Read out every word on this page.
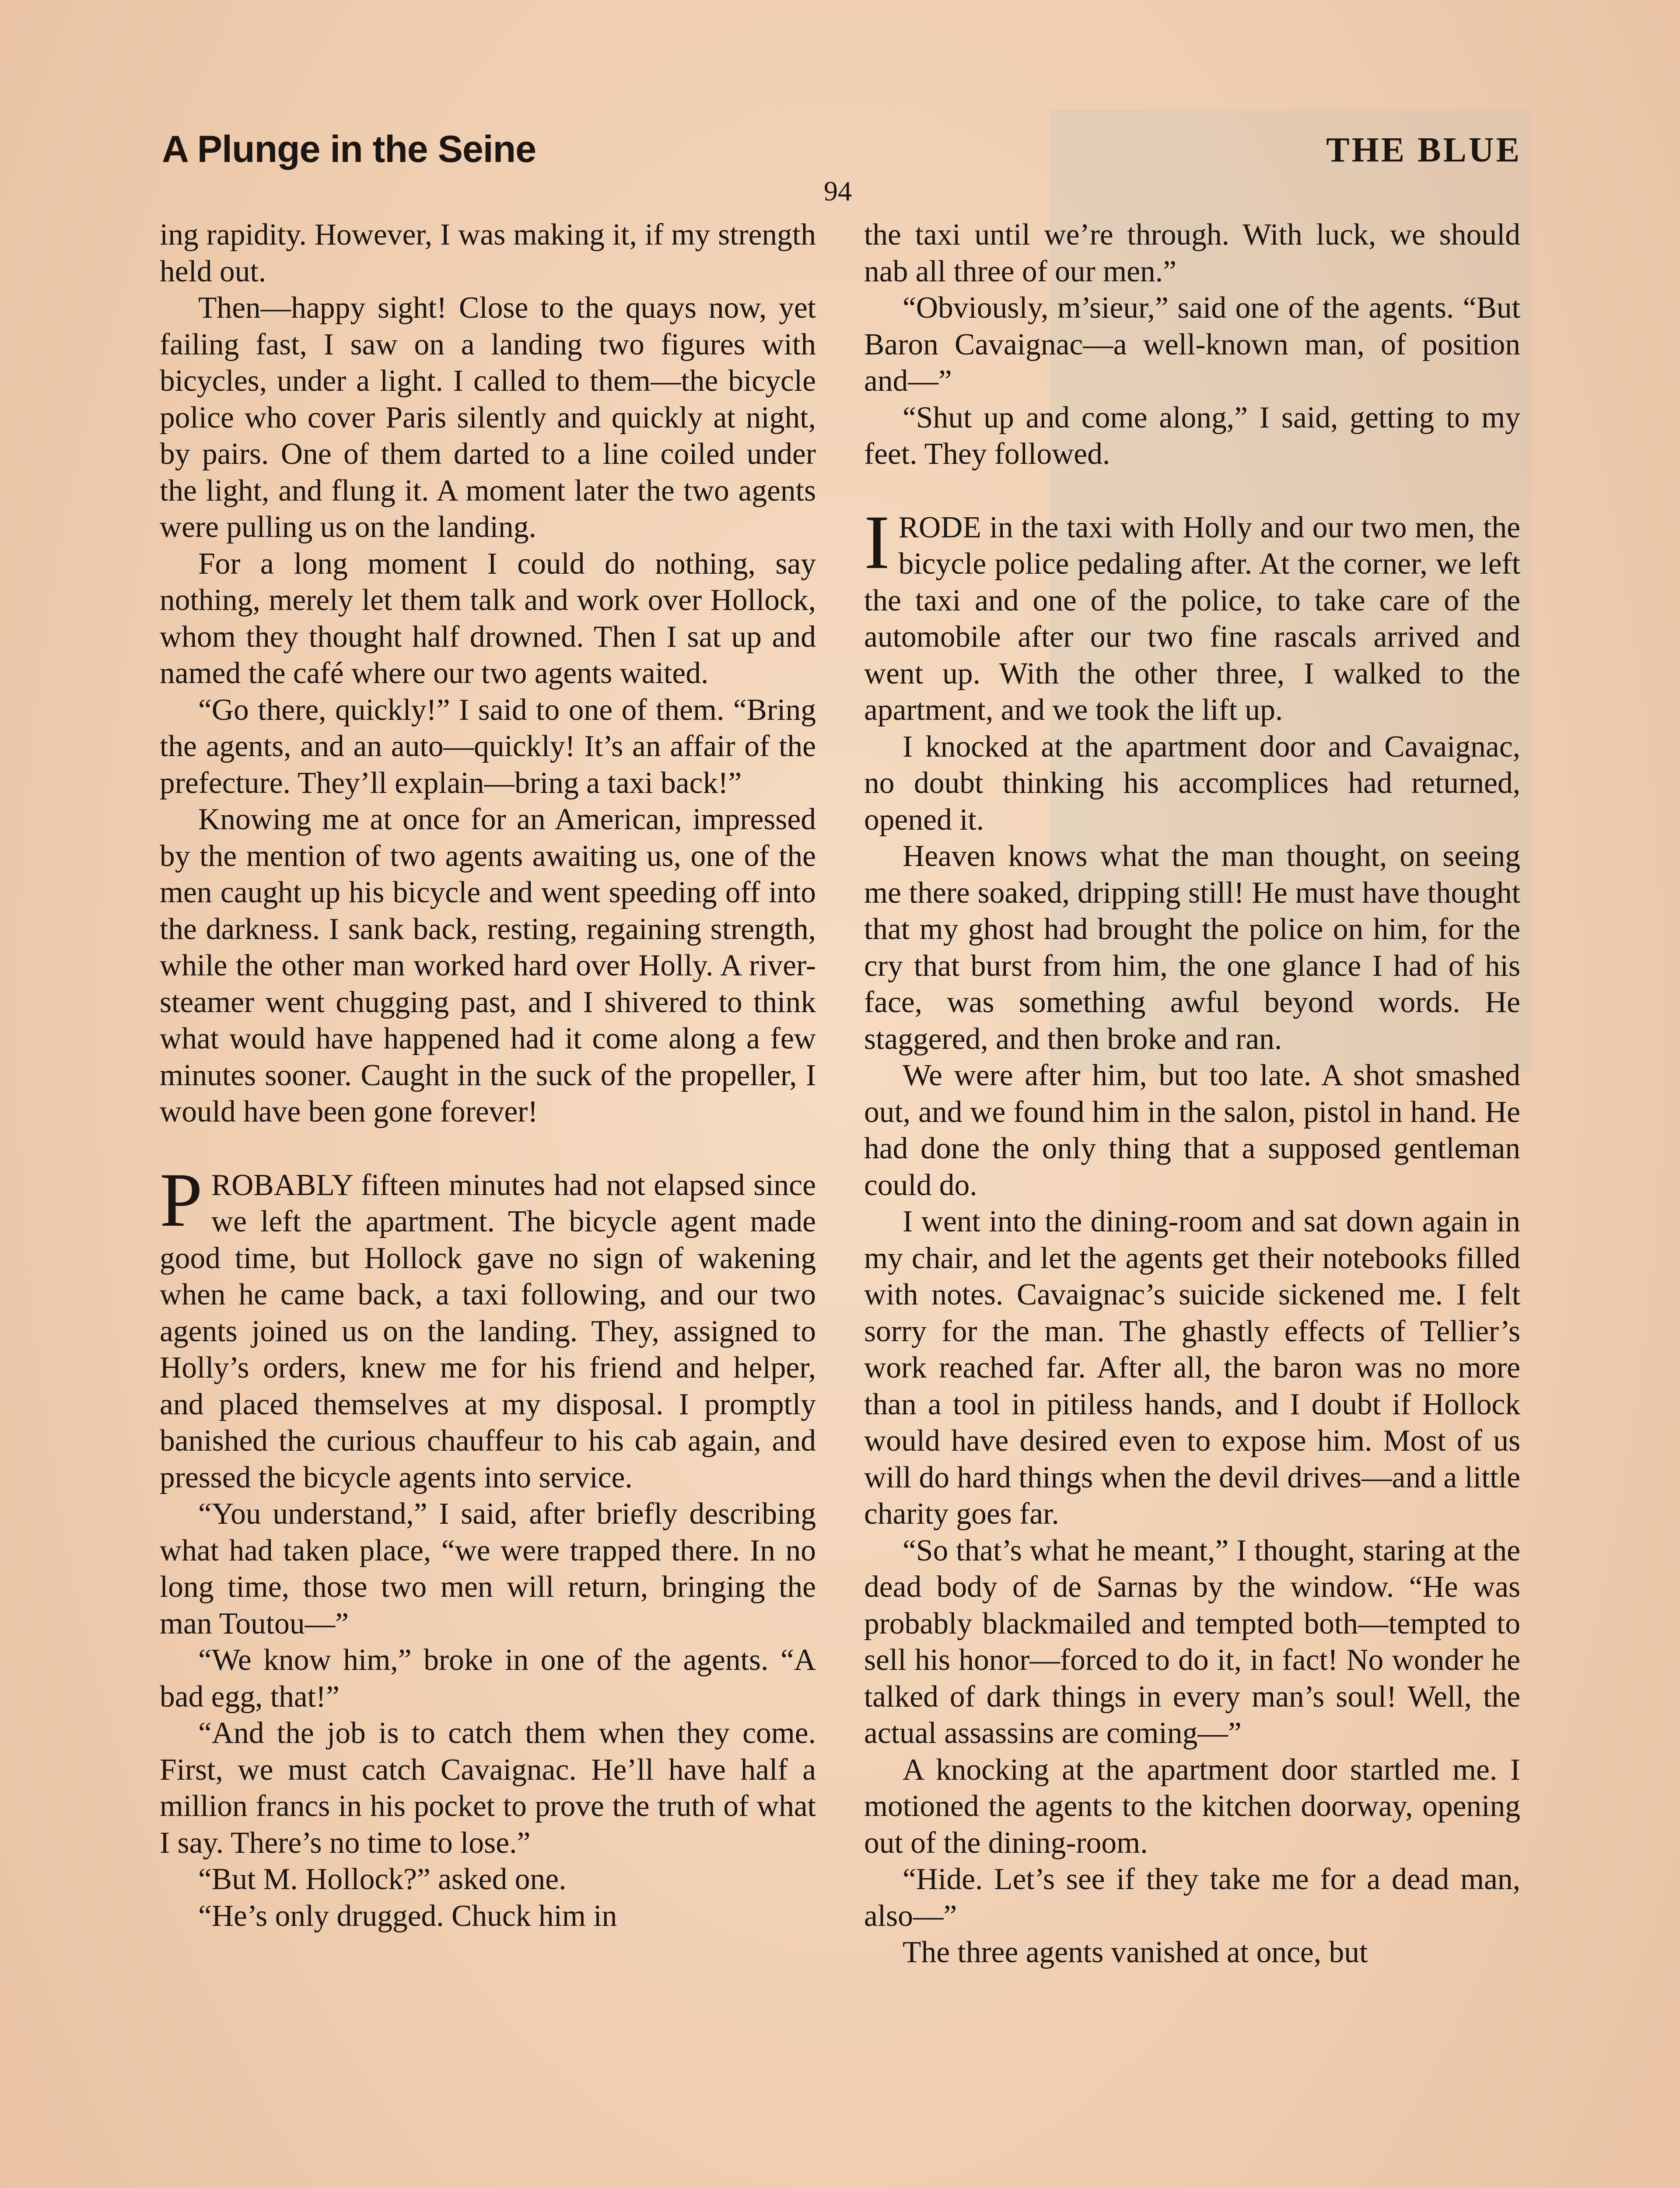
A Plunge in the Seine	THE BLUE
94

ing rapidity. However, I was making it, if my strength held out.

Then—happy sight! Close to the quays now, yet failing fast, I saw on a landing two figures with bicycles, under a light. I called to them—the bicycle police who cover Paris silently and quickly at night, by pairs. One of them darted to a line coiled under the light, and flung it. A moment later the two agents were pulling us on the landing.

For a long moment I could do nothing, say nothing, merely let them talk and work over Hollock, whom they thought half drowned. Then I sat up and named the café where our two agents waited.

“Go there, quickly!” I said to one of them. “Bring the agents, and an auto—quickly! It’s an affair of the prefecture. They’ll explain—bring a taxi back!”

Knowing me at once for an American, impressed by the mention of two agents awaiting us, one of the men caught up his bicycle and went speeding off into the darkness. I sank back, resting, regaining strength, while the other man worked hard over Holly. A river-steamer went chugging past, and I shivered to think what would have happened had it come along a few minutes sooner. Caught in the suck of the propeller, I would have been gone forever!

PROBABLY fifteen minutes had not elapsed since we left the apartment. The bicycle agent made good time, but Hollock gave no sign of wakening when he came back, a taxi following, and our two agents joined us on the landing. They, assigned to Holly’s orders, knew me for his friend and helper, and placed themselves at my disposal. I promptly banished the curious chauffeur to his cab again, and pressed the bicycle agents into service.

“You understand,” I said, after briefly describing what had taken place, “we were trapped there. In no long time, those two men will return, bringing the man Toutou—”

“We know him,” broke in one of the agents. “A bad egg, that!”

“And the job is to catch them when they come. First, we must catch Cavaignac. He’ll have half a million francs in his pocket to prove the truth of what I say. There’s no time to lose.”

“But M. Hollock?” asked one.

“He’s only drugged. Chuck him in

the taxi until we’re through. With luck, we should nab all three of our men.”

“Obviously, m’sieur,” said one of the agents. “But Baron Cavaignac—a well-known man, of position and—”

“Shut up and come along,” I said, getting to my feet. They followed.

I RODE in the taxi with Holly and our two men, the bicycle police pedaling after. At the corner, we left the taxi and one of the police, to take care of the automobile after our two fine rascals arrived and went up. With the other three, I walked to the apartment, and we took the lift up.

I knocked at the apartment door and Cavaignac, no doubt thinking his accomplices had returned, opened it.

Heaven knows what the man thought, on seeing me there soaked, dripping still! He must have thought that my ghost had brought the police on him, for the cry that burst from him, the one glance I had of his face, was something awful beyond words. He staggered, and then broke and ran.

We were after him, but too late. A shot smashed out, and we found him in the salon, pistol in hand. He had done the only thing that a supposed gentleman could do.

I went into the dining-room and sat down again in my chair, and let the agents get their notebooks filled with notes. Cavaignac’s suicide sickened me. I felt sorry for the man. The ghastly effects of Tellier’s work reached far. After all, the baron was no more than a tool in pitiless hands, and I doubt if Hollock would have desired even to expose him. Most of us will do hard things when the devil drives—and a little charity goes far.

“So that’s what he meant,” I thought, staring at the dead body of de Sarnas by the window. “He was probably blackmailed and tempted both—tempted to sell his honor—forced to do it, in fact! No wonder he talked of dark things in every man’s soul! Well, the actual assassins are coming—”

A knocking at the apartment door startled me. I motioned the agents to the kitchen doorway, opening out of the dining-room.

“Hide. Let’s see if they take me for a dead man, also—”

The three agents vanished at once, but
